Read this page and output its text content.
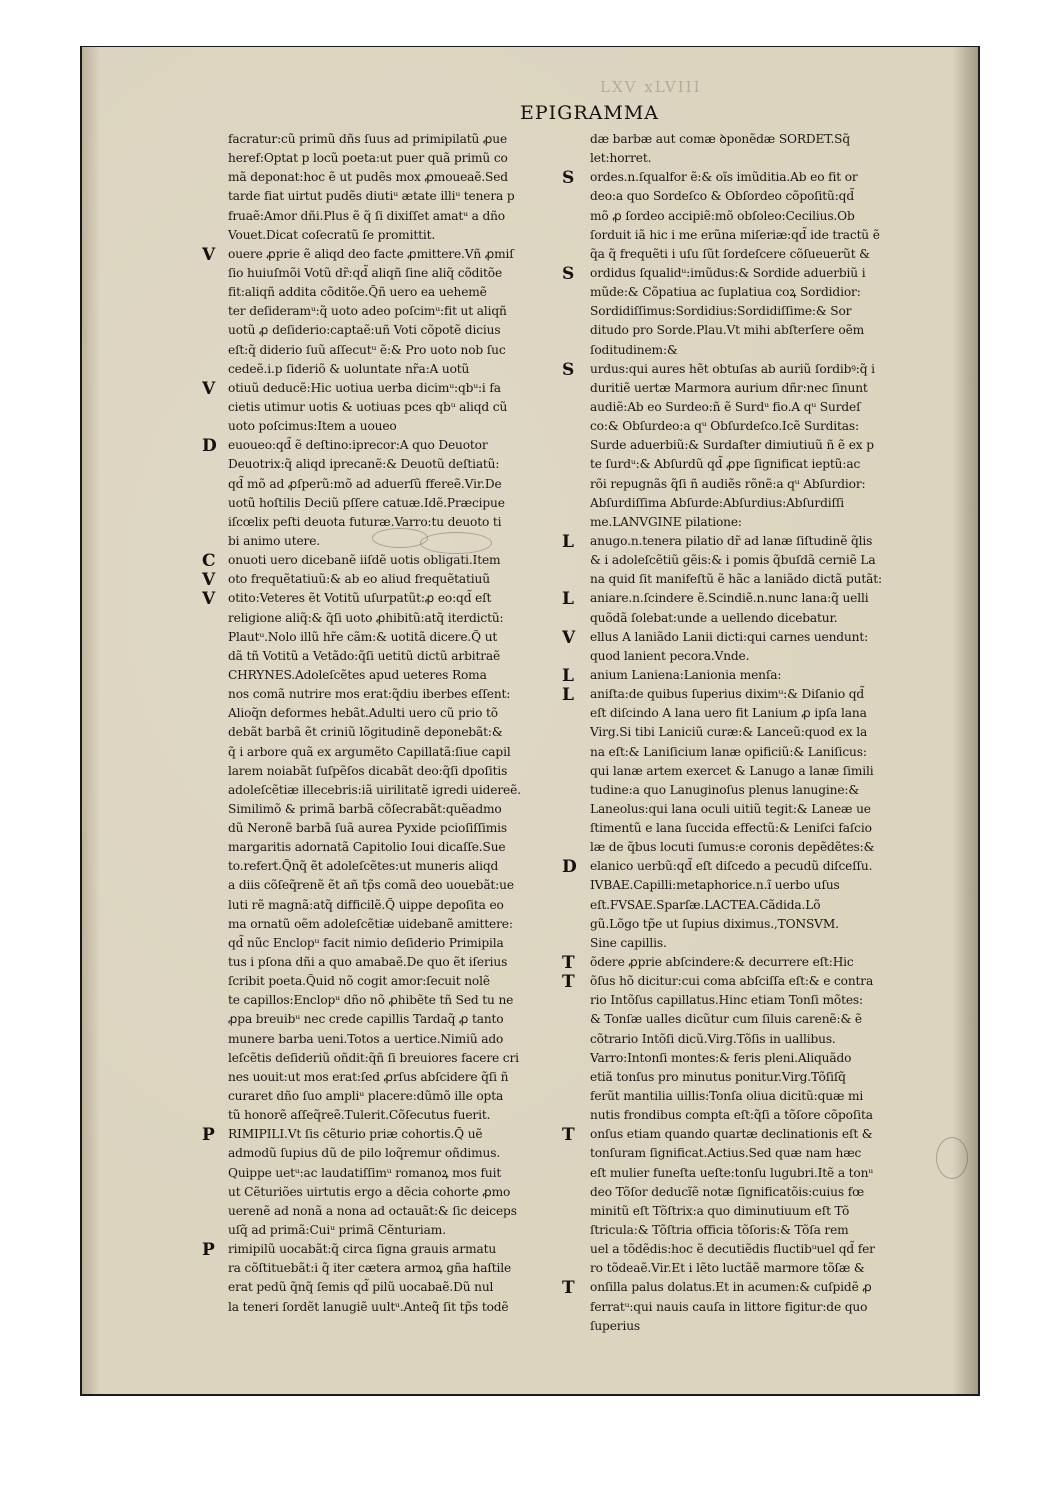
LXV xLVIII
EPIGRAMMA
facratur:cũ primũ dñs ſuus ad primipilatũ ꝓue
heref:Optat p locũ poeta:ut puer quã primũ co
mã deponat:hoc ẽ ut pudẽs mox ꝓmoueaẽ.Sed
tarde fiat uirtut pudẽs diutiᵘ ætate illiᵘ tenera p
fruaẽ:Amor dñi.Plus ẽ q̃ ſi dixiſſet amatᵘ a dño
Vouet.Dicat coſecratũ ſe promittit.
V	ouere ꝓprie ẽ aliqd deo facte ꝓmittere.Vñ ꝓmiſ
ſio huiuſmõi Votũ dr̃:qd̃ aliqñ ſine aliq̃ cõditõe
fit:aliqñ addita cõditõe.Q̃ñ uero ea uehemẽ
ter deſideramᵘ:q̃ uoto adeo poſcimᵘ:fit ut aliqñ
uotũ ꝓ deſiderio:captaẽ:uñ Voti cõpotẽ dicius
eſt:q̃ diderio ſuũ aſſecutᵘ ẽ:& Pro uoto nob ſuc
cedeẽ.i.p ſideriõ & uoluntate nr̃a:A uotũ
V	otiuũ deducẽ:Hic uotiua uerba dicimᵘ:qbᵘ:i fa
cietis utimur uotis & uotiuas pces qbᵘ aliqd cũ
uoto poſcimus:Item a uoueo
D euoueo:qd̃ ẽ deſtino:iprecor:A quo Deuotor
Deuotrix:q̃ aliqd iprecanẽ:& Deuotũ deſtiatũ:
qd̃ mõ ad ꝓſperũ:mõ ad aduerſũ ffereẽ.Vir.De
uotũ hoſtilis Deciũ pſſere catuæ.Idẽ.Præcipue
iſcœlix peſti deuota futuræ.Varro:tu deuoto ti
bi animo utere.
C	onuoti uero dicebanẽ iiſdẽ uotis obligati.Item
V	oto frequẽtatiuũ:& ab eo aliud frequẽtatiuũ
V	otito:Veteres ẽt Votitũ uſurpatũt:ꝓ eo:qd̃ eſt
religione aliq̃:& q̃ſi uoto ꝓhibitũ:atq̃ iterdictũ:
Plautᵘ.Nolo illũ hr̃e cãm:& uotitã dicere.Q̃ ut
dã tñ Votitũ a Vetãdo:q̃ſi uetitũ dictũ arbitraẽ
CHRYNES.Adoleſcẽtes apud ueteres Roma
nos comã nutrire mos erat:q̃diu iberbes eſſent:
Alioq̃n deformes hebãt.Adulti uero cũ prio tõ
debãt barbã ẽt criniũ lõgitudinẽ deponebãt:&
q̃ i arbore quã ex argumẽto Capillatã:ſiue capil
larem noiabãt ſuſpẽſos dicabãt deo:q̃ſi dpoſitis
adoleſcẽtiæ illecebris:iã uirilitatẽ igredi uidereẽ.
Similimõ & primã barbã cõſecrabãt:quẽadmo
dũ Neronẽ barbã ſuã aurea Pyxide pcioſiſſimis
margaritis adornatã Capitolio Ioui dicaſſe.Sue
to.refert.Q̃nq̃ ẽt adoleſcẽtes:ut muneris aliqd
a diis cõſeq̃renẽ ẽt añ tp̃s comã deo uouebãt:ue
luti rẽ magnã:atq̃ difficilẽ.Q̃ uippe depoſita eo
ma ornatũ oẽm adoleſcẽtiæ uidebanẽ amittere:
qd̃ nũc Enclopᵘ facit nimio deſiderio Primipila
tus i pſona dñi a quo amabaẽ.De quo ẽt iſerius
ſcribit poeta.Q̃uid nõ cogit amor:ſecuit nolẽ
te capillos:Enclopᵘ dño nõ ꝓhibẽte tñ Sed tu ne
ꝓpa breuibᵘ nec crede capillis Tardaq̃ ꝓ tanto
munere barba ueni.Totos a uertice.Nimiũ ado
leſcẽtis deſideriũ oñdit:q̃ñ ſi breuiores facere cri
nes uouit:ut mos erat:ſed ꝓrſus abſcidere q̃ſi ñ
curaret dño ſuo ampliᵘ placere:dũmõ ille opta
tũ honorẽ aſſeq̃reẽ.Tulerit.Cõſecutus fuerit.
P	RIMIPILI.Vt ſis cẽturio priæ cohortis.Q̃ uẽ
admodũ ſupius dũ de pilo loq̃remur oñdimus.
Quippe uetᵘ:ac laudatiſſimᵘ romanoꝝ mos fuit
ut Cẽturiões uirtutis ergo a dẽcia cohorte ꝓmo
uerenẽ ad nonã a nona ad octauãt:& ſic deiceps
uſq̃ ad primã:Cuiᵘ primã Cẽnturiam.
P	rimipilũ uocabãt:q̃ circa ſigna grauis armatu
ra cõſtituebãt:i q̃ iter cætera armoꝝ gña haſtile
erat pedũ q̃nq̃ ſemis qd̃ pilũ uocabaẽ.Dũ nul
la teneri ſordẽt lanugiẽ uultᵘ.Anteq̃ ſit tp̃s todẽ
dæ barbæ aut comæ ꝺponẽdæ SORDET.Sq̃
let:horret.
S	ordes.n.ſqualfor ẽ:& oĩs imũditia.Ab eo fit or
deo:a quo Sordeſco & Obſordeo cõpoſitũ:qd̃
mõ ꝓ ſordeo accipiẽ:mõ obſoleo:Cecilius.Ob
ſorduit iã hic i me erũna miſeriæ:qd̃ ide tractũ ẽ
q̃a q̃ frequẽti i uſu ſũt ſordeſcere cõſueuerũt &
S	ordidus ſqualidᵘ:imũdus:& Sordide aduerbiũ i
mũde:& Cõpatiua ac ſuplatiua coꝝ Sordidior:
Sordidiſſimus:Sordidius:Sordidiſſime:& Sor
ditudo pro Sorde.Plau.Vt mihi abſterſere oẽm
ſoditudinem:&
S	urdus:qui aures hẽt obtuſas ab auriũ ſordibꝰ:q̃ i
duritiẽ uertæ Marmora aurium dñr:nec ſinunt
audiẽ:Ab eo Surdeo:ñ ẽ Surdᵘ fio.A qᵘ Surdeſ
co:& Obſurdeo:a qᵘ Obſurdeſco.Icẽ Surditas:
Surde aduerbiũ:& Surdaſter dimiutiuũ ñ ẽ ex p
te ſurdᵘ:& Abſurdũ qd̃ ꝓpe ſignificat ieptũ:ac
rõi repugnãs q̃ſi ñ audiẽs rõnẽ:a qᵘ Abſurdior:
Abſurdiſſima Abſurde:Abſurdius:Abſurdiſſi
me.LANVGINE pilatione:
L	anugo.n.tenera pilatio dr̃ ad lanæ ſiſtudinẽ q̃lis
& i adoleſcẽtiũ gẽis:& i pomis q̃buſdã cerniẽ La
na quid ſit manifeſtũ ẽ hãc a laniãdo dictã putãt:
L	aniare.n.ſcindere ẽ.Scindiẽ.n.nunc lana:q̃ uelli
quõdã ſolebat:unde a uellendo dicebatur.
V	ellus A laniãdo Lanii dicti:qui carnes uendunt:
quod lanient pecora.Vnde.
L	anium Laniena:Lanionia menſa:
L	aniſta:de quibus ſuperius diximᵘ:& Diſanio qd̃
eſt diſcindo A lana uero fit Lanium ꝓ ipſa lana
Virg.Si tibi Laniciũ curæ:& Lanceũ:quod ex la
na eſt:& Laniſicium lanæ opificiũ:& Laniſicus:
qui lanæ artem exercet & Lanugo a lanæ ſimili
tudine:a quo Lanuginoſus plenus lanugine:&
Laneolus:qui lana oculi uitiũ tegit:& Laneæ ue
ſtimentũ e lana ſuccida effectũ:& Leniſci faſcio
læ de q̃bus locuti ſumus:e coronis depẽdẽtes:&
D	elanico uerbũ:qd̃ eſt diſcedo a pecudũ diſceſſu.
IVBAE.Capilli:metaphorice.n.ĩ uerbo uſus
eſt.FVSAE.Sparſæ.LACTEA.Cãdida.Lõ
gũ.Lõgo tp̃e ut ſupius diximus.,TONSVM.
Sine capillis.
T	õdere ꝓprie abſcindere:& decurrere eſt:Hic
T	õſus hõ dicitur:cui coma abſciſſa eſt:& e contra
rio Intõſus capillatus.Hinc etiam Tonſi mõtes:
& Tonſæ ualles dicũtur cum ſiluis carenẽ:& ẽ
cõtrario Intõſi dicũ.Virg.Tõſis in uallibus.
Varro:Intonſi montes:& feris pleni.Aliquãdo
etiã tonſus pro minutus ponitur.Virg.Tõſiſq̃
ferũt mantilia uillis:Tonſa oliua dicitũ:quæ mi
nutis frondibus compta eſt:q̃ſi a tõſore cõpoſita
T	onſus etiam quando quartæ declinationis eſt &
tonſuram ſignificat.Actius.Sed quæ nam hæc
eſt mulier funeſta ueſte:tonſu lugubri.Itẽ a tonᵘ
deo Tõſor deducĩẽ notæ ſignificatõis:cuius fœ
minitũ eſt Tõſtrix:a quo diminutiuum eſt Tõ
ſtricula:& Tõſtria officia tõſoris:& Tõſa rem
uel a tõdẽdis:hoc ẽ decutiẽdis fluctibᵘuel qd̃ fer
ro tõdeaẽ.Vir.Et i lẽto luctãẽ marmore tõſæ &
T	onſilla palus dolatus.Et in acumen:& cuſpidẽ ꝓ
ferratᵘ:qui nauis cauſa in littore figitur:de quo
ſuperius
